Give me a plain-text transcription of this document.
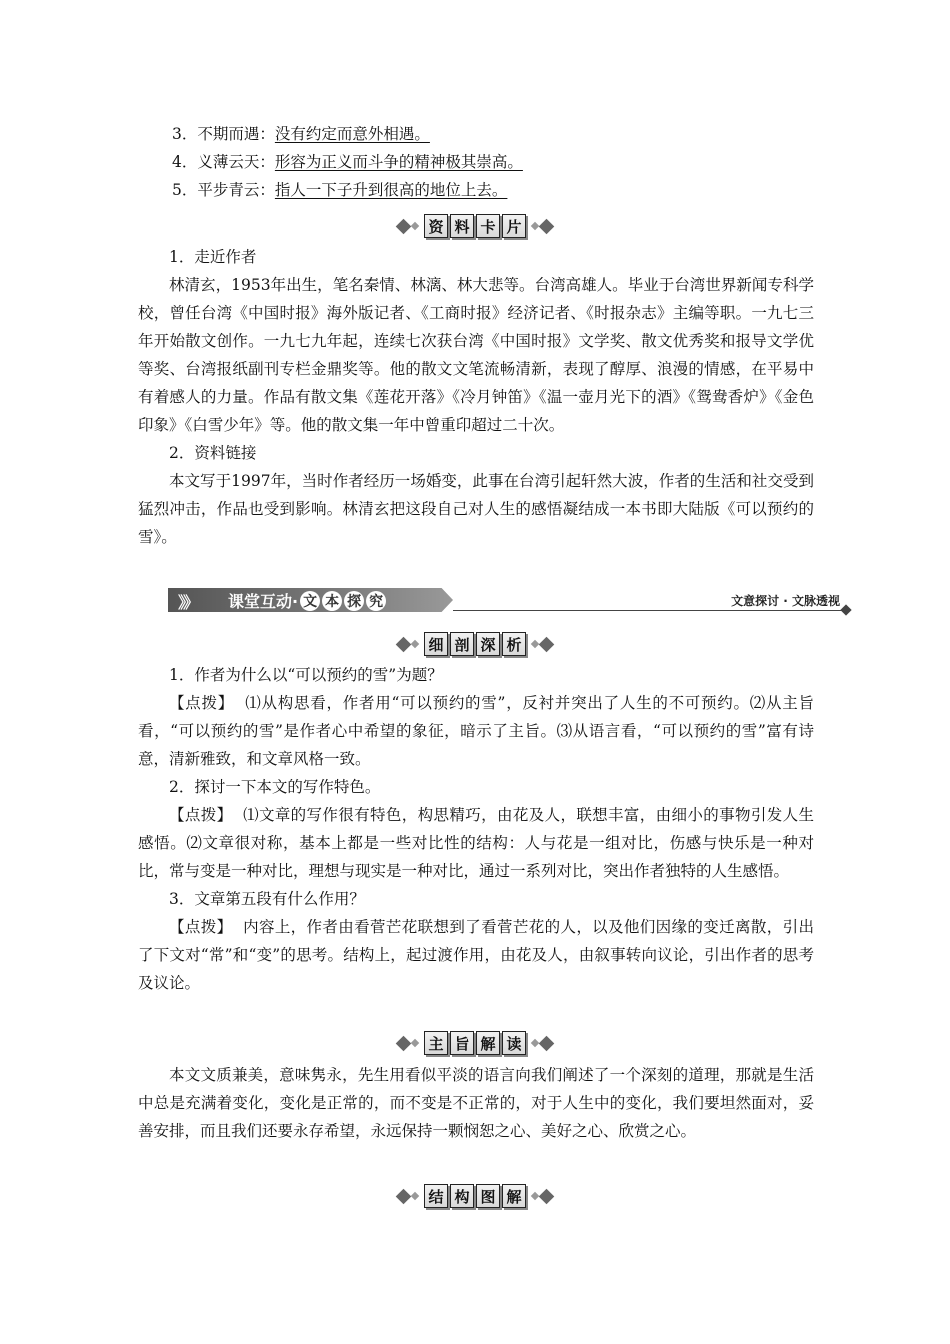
3．不期而遇：没有约定而意外相遇。
4．义薄云天：形容为正义而斗争的精神极其崇高。
5．平步青云：指人一下子升到很高的地位上去。
资 料 卡 片

1．走近作者

林清玄，1953年出生，笔名秦情、林漓、林大悲等。台湾高雄人。毕业于台湾世界新闻专科学校，曾任台湾《中国时报》海外版记者、《工商时报》经济记者、《时报杂志》主编等职。一九七三年开始散文创作。一九七九年起，连续七次获台湾《中国时报》文学奖、散文优秀奖和报导文学优等奖、台湾报纸副刊专栏金鼎奖等。他的散文文笔流畅清新，表现了醇厚、浪漫的情感，在平易中有着感人的力量。作品有散文集《莲花开落》《冷月钟笛》《温一壶月光下的酒》《鸳鸯香炉》《金色印象》《白雪少年》等。他的散文集一年中曾重印超过二十次。

2．资料链接

本文写于1997年，当时作者经历一场婚变，此事在台湾引起轩然大波，作者的生活和社交受到猛烈冲击，作品也受到影响。林清玄把这段自己对人生的感悟凝结成一本书即大陆版《可以预约的雪》。

》》 课堂互动· 文 本 探 究	文意探讨 · 文脉透视
细 剖 深 析

1．作者为什么以“可以预约的雪”为题？

【点拨】 ⑴从构思看，作者用“可以预约的雪”，反衬并突出了人生的不可预约。⑵从主旨看，“可以预约的雪”是作者心中希望的象征，暗示了主旨。⑶从语言看，“可以预约的雪”富有诗意，清新雅致，和文章风格一致。

2．探讨一下本文的写作特色。

【点拨】 ⑴文章的写作很有特色，构思精巧，由花及人，联想丰富，由细小的事物引发人生感悟。⑵文章很对称，基本上都是一些对比性的结构：人与花是一组对比，伤感与快乐是一种对比，常与变是一种对比，理想与现实是一种对比，通过一系列对比，突出作者独特的人生感悟。

3．文章第五段有什么作用？

【点拨】 内容上，作者由看菅芒花联想到了看菅芒花的人，以及他们因缘的变迁离散，引出了下文对“常”和“变”的思考。结构上，起过渡作用，由花及人，由叙事转向议论，引出作者的思考及议论。

主 旨 解 读

本文文质兼美，意味隽永，先生用看似平淡的语言向我们阐述了一个深刻的道理，那就是生活中总是充满着变化，变化是正常的，而不变是不正常的，对于人生中的变化，我们要坦然面对，妥善安排，而且我们还要永存希望，永远保持一颗悯恕之心、美好之心、欣赏之心。

结 构 图 解
